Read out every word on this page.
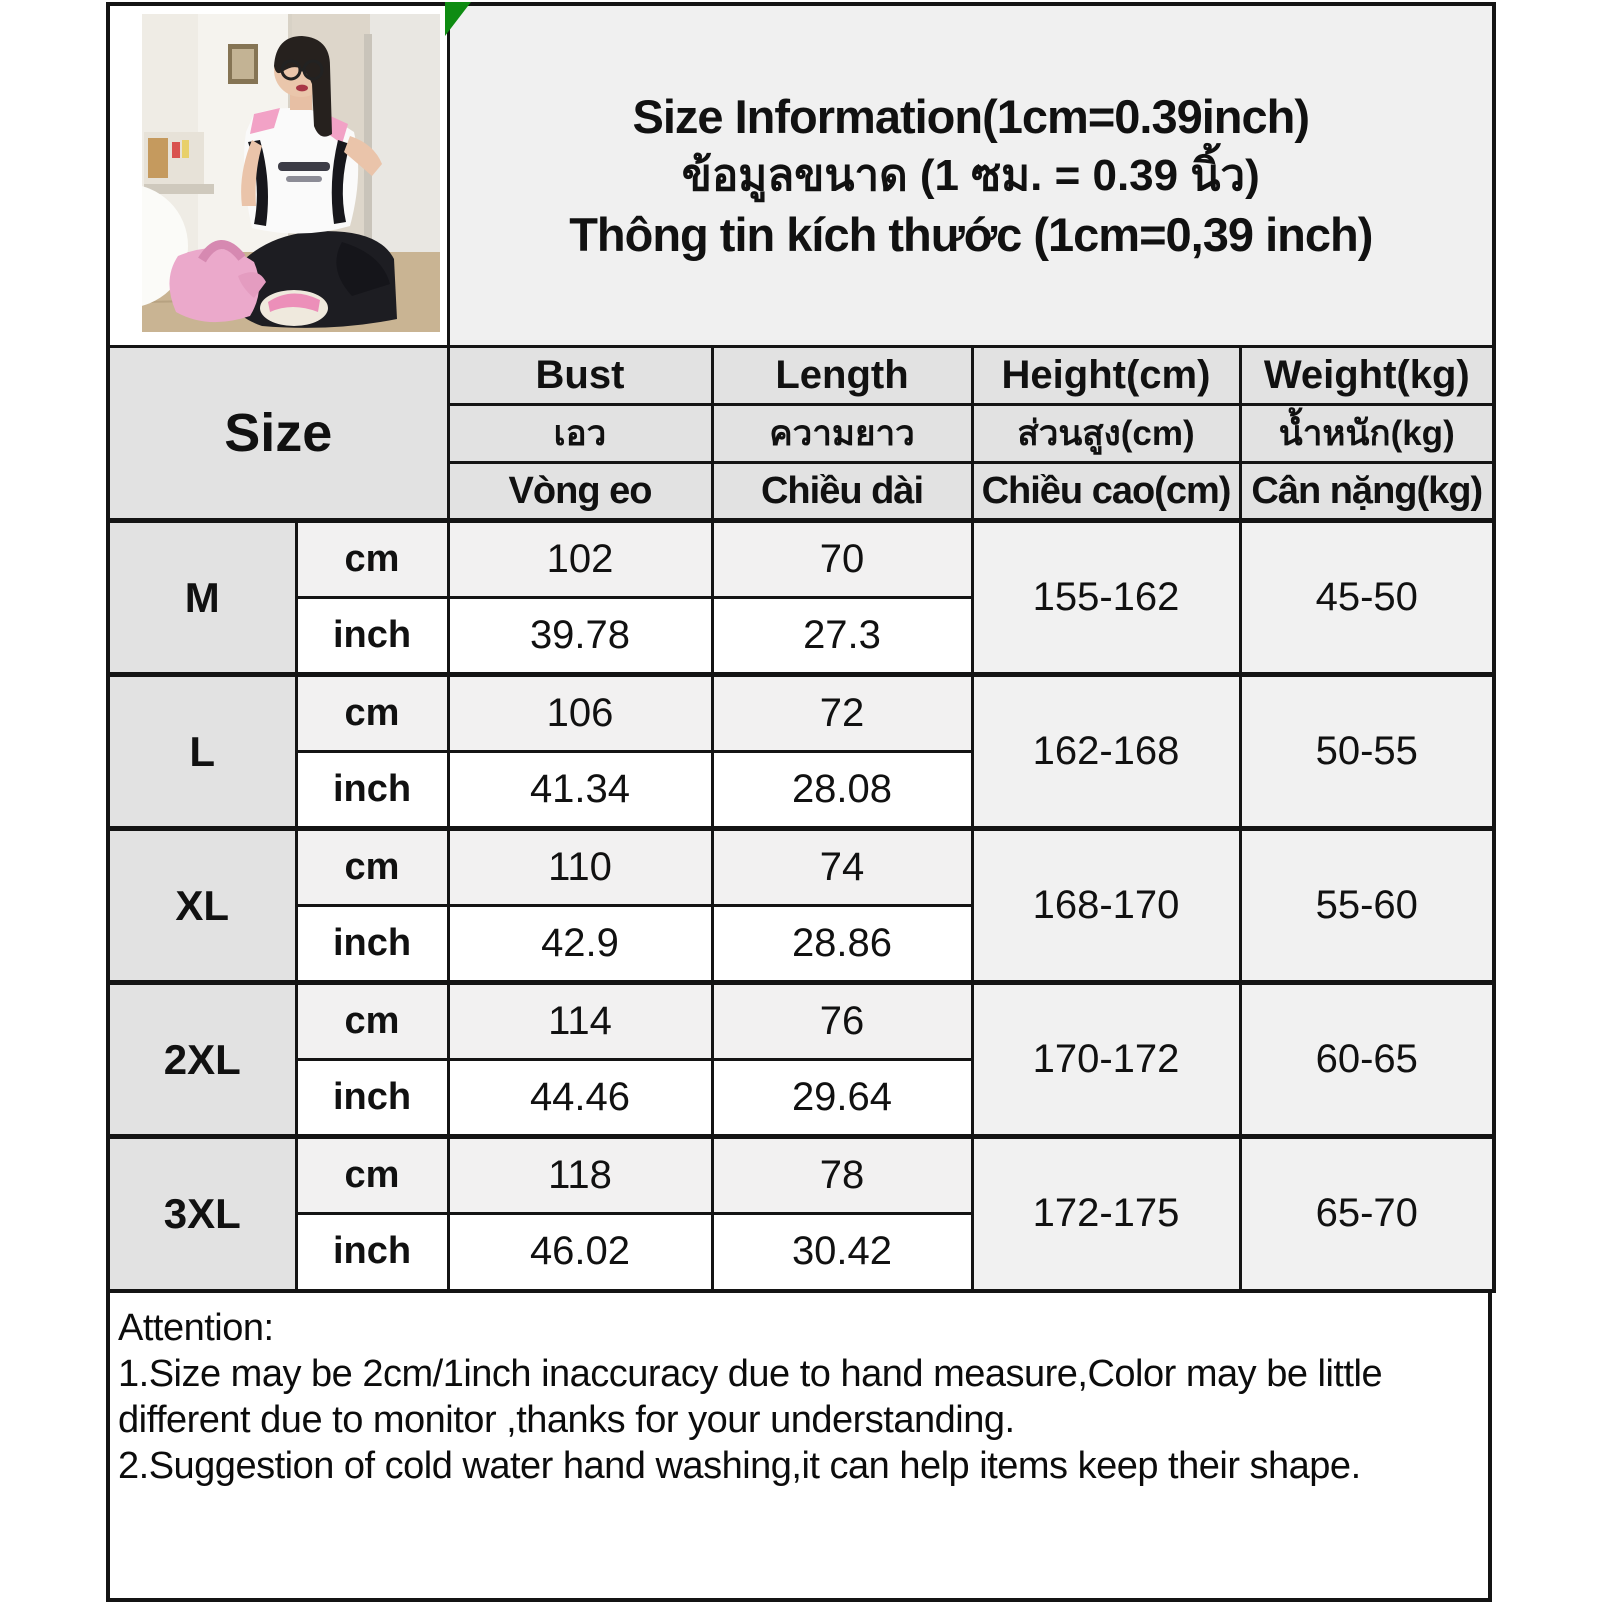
Size Information(1cm=0.39inch)
ข้อมูลขนาด (1 ซม. = 0.39 นิ้ว)
Thông tin kích thước (1cm=0,39 inch)			

Size		Bust	Length	Height(cm)	Weight(kg)
		เอว	ความยาว	ส่วนสูง(cm)	น้ำหนัก(kg)
		Vòng eo	Chiều dài	Chiều cao(cm)	Cân nặng(kg)
M	cm	102	70	155-162	45-50
	inch	39.78	27.3		
L	cm	106	72	162-168	50-55
	inch	41.34	28.08		
XL	cm	110	74	168-170	55-60
	inch	42.9	28.86		
2XL	cm	114	76	170-172	60-65
	inch	44.46	29.64		
3XL	cm	118	78	172-175	65-70
	inch	46.02	30.42		

Attention:

1.Size may be 2cm/1inch inaccuracy due to hand measure,Color may be little different due to monitor ,thanks for your understanding.

2.Suggestion of cold water hand washing,it can help items keep their shape.
